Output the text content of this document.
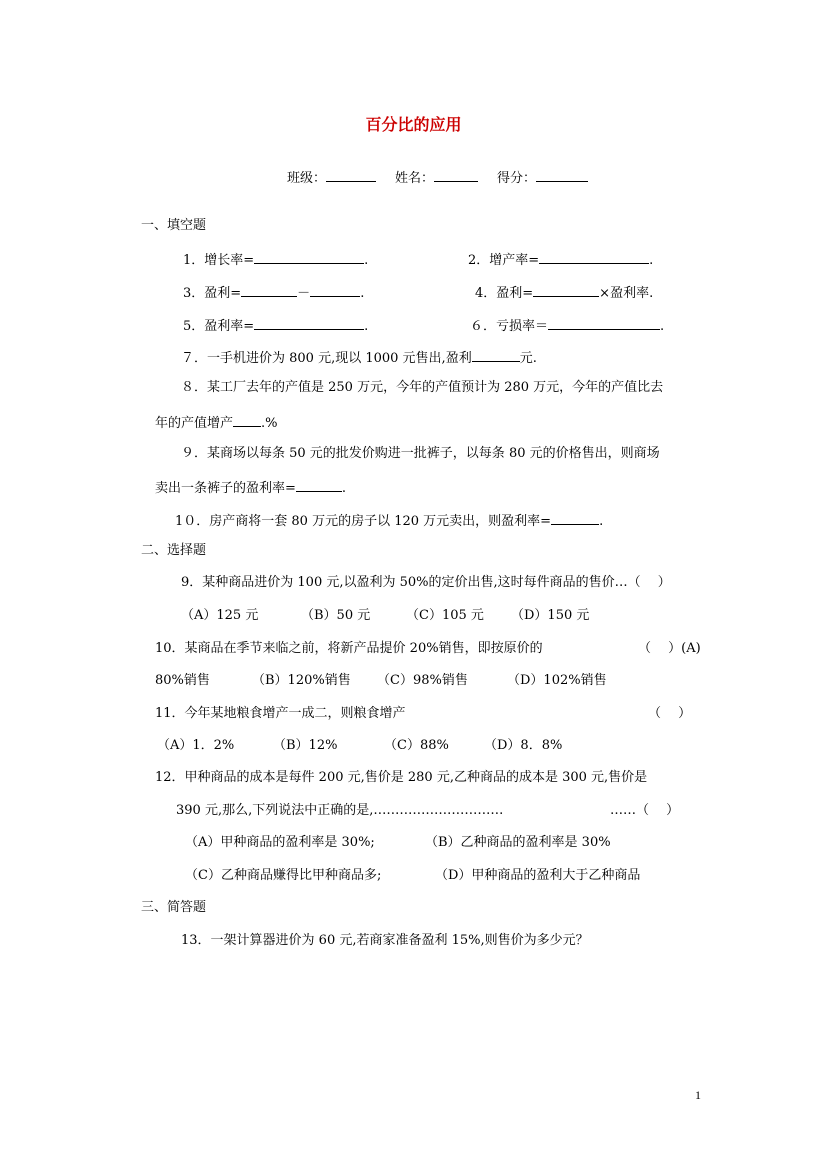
百分比的应用
班级：	姓名：	得分：
一、填空题
1．增长率=	.	2．增产率=	.
3．盈利=	－	.	4．盈利=	×盈利率.
5．盈利率=	.	６．亏损率＝	.
７．一手机进价为 800 元,现以 1000 元售出,盈利	元.
８．某工厂去年的产值是 250 万元，今年的产值预计为 280 万元，今年的产值比去
年的产值增产 .%
９．某商场以每条 50 元的批发价购进一批裤子，以每条 80 元的价格售出，则商场
卖出一条裤子的盈利率=	.
1０．房产商将一套 80 万元的房子以 120 万元卖出，则盈利率=	.
二、选择题
9．某种商品进价为 100 元,以盈利为 50%的定价出售,这时每件商品的售价…（　 ）
（A）125 元	（B）50 元	（C）105 元 （D）150 元
10．某商品在季节来临之前，将新产品提价 20%销售，即按原价的	（　 ）(A)
80%销售	（B）120%销售 （C）98%销售	（D）102%销售
11．今年某地粮食增产一成二，则粮食增产	（　 ）
（A）1．2%	（B）12%	（C）88%	（D）8．8%
12．甲种商品的成本是每件 200 元,售价是 280 元,乙种商品的成本是 300 元,售价是
390 元,那么,下列说法中正确的是,…………………………	……（　 ）
（A）甲种商品的盈利率是 30%;	（B）乙种商品的盈利率是 30%
（C）乙种商品赚得比甲种商品多;	（D）甲种商品的盈利大于乙种商品
三、简答题
13．一架计算器进价为 60 元,若商家准备盈利 15%,则售价为多少元？
1
